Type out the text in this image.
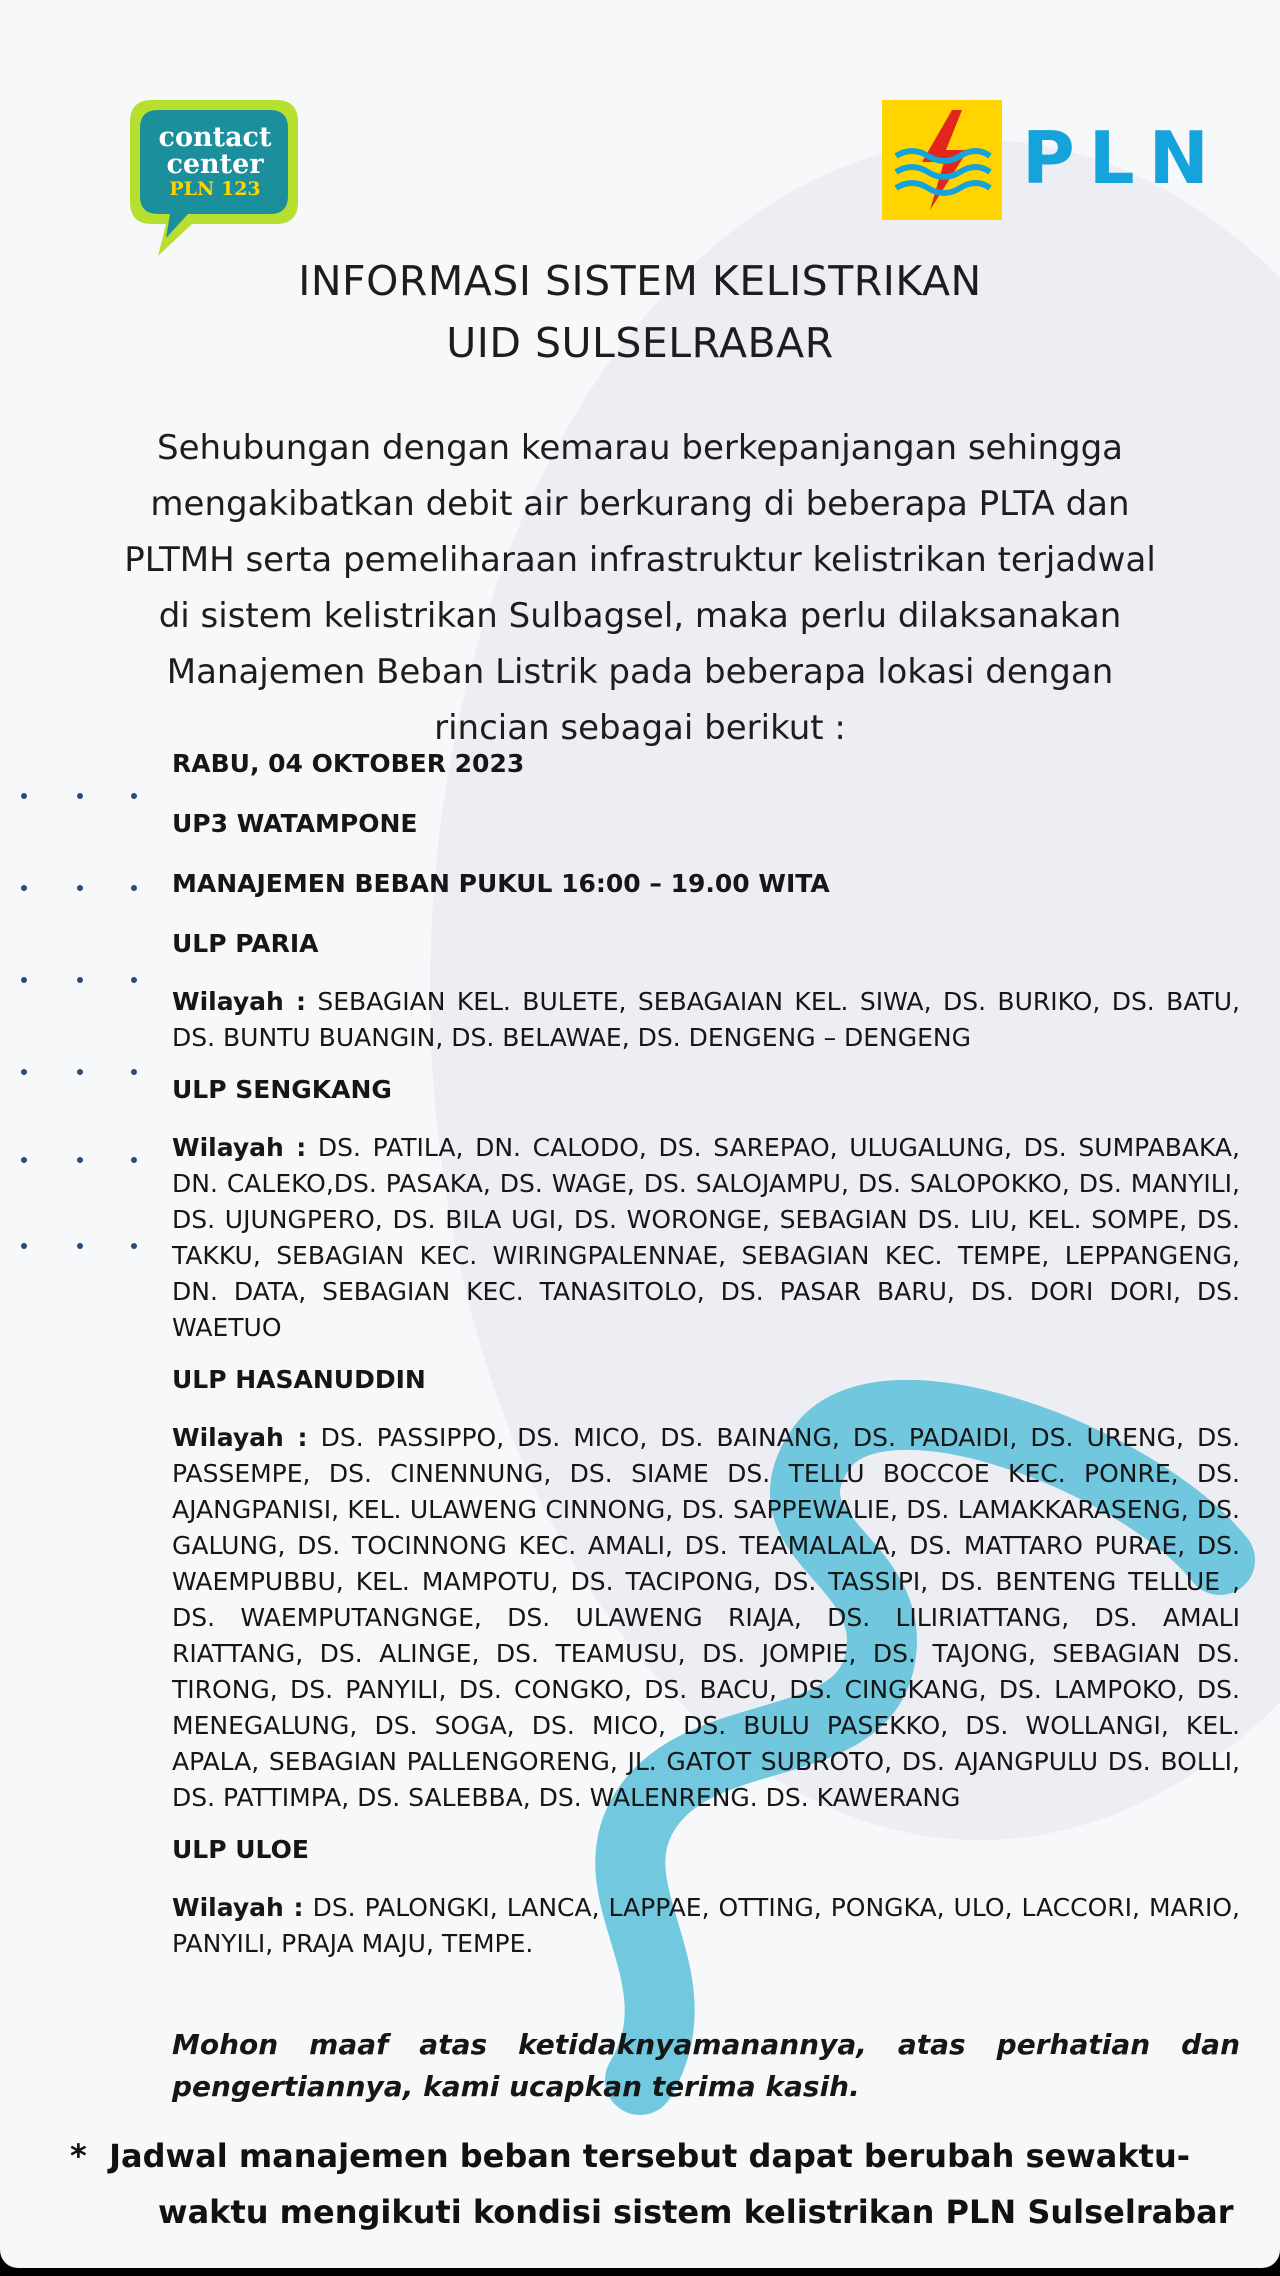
contact
center
PLN 123	PLN
INFORMASI SISTEM KELISTRIKAN
UID SULSELRABAR
Sehubungan dengan kemarau berkepanjangan sehingga
mengakibatkan debit air berkurang di beberapa PLTA dan
PLTMH serta pemeliharaan infrastruktur kelistrikan terjadwal
di sistem kelistrikan Sulbagsel, maka perlu dilaksanakan
Manajemen Beban Listrik pada beberapa lokasi dengan
rincian sebagai berikut :
RABU, 04 OKTOBER 2023
UP3 WATAMPONE
MANAJEMEN BEBAN PUKUL 16:00 – 19.00 WITA
ULP PARIA
Wilayah : SEBAGIAN KEL. BULETE, SEBAGAIAN KEL. SIWA, DS. BURIKO, DS. BATU, DS. BUNTU BUANGIN, DS. BELAWAE, DS. DENGENG – DENGENG
ULP SENGKANG
Wilayah : DS. PATILA, DN. CALODO, DS. SAREPAO, ULUGALUNG, DS. SUMPABAKA, DN. CALEKO,DS. PASAKA, DS. WAGE, DS. SALOJAMPU, DS. SALOPOKKO, DS. MANYILI, DS. UJUNGPERO, DS. BILA UGI, DS. WORONGE, SEBAGIAN DS. LIU, KEL. SOMPE, DS. TAKKU, SEBAGIAN KEC. WIRINGPALENNAE, SEBAGIAN KEC. TEMPE, LEPPANGENG, DN. DATA, SEBAGIAN KEC. TANASITOLO, DS. PASAR BARU, DS. DORI DORI, DS. WAETUO
ULP HASANUDDIN
Wilayah : DS. PASSIPPO, DS. MICO, DS. BAINANG, DS. PADAIDI, DS. URENG, DS. PASSEMPE, DS. CINENNUNG, DS. SIAME DS. TELLU BOCCOE KEC. PONRE, DS. AJANGPANISI, KEL. ULAWENG CINNONG, DS. SAPPEWALIE, DS. LAMAKKARASENG, DS. GALUNG, DS. TOCINNONG KEC. AMALI, DS. TEAMALALA, DS. MATTARO PURAE, DS. WAEMPUBBU, KEL. MAMPOTU, DS. TACIPONG, DS. TASSIPI, DS. BENTENG TELLUE , DS. WAEMPUTANGNGE, DS. ULAWENG RIAJA, DS. LILIRIATTANG, DS. AMALI RIATTANG, DS. ALINGE, DS. TEAMUSU, DS. JOMPIE, DS. TAJONG, SEBAGIAN DS. TIRONG, DS. PANYILI, DS. CONGKO, DS. BACU, DS. CINGKANG, DS. LAMPOKO, DS. MENEGALUNG, DS. SOGA, DS. MICO, DS. BULU PASEKKO, DS. WOLLANGI, KEL. APALA, SEBAGIAN PALLENGORENG, JL. GATOT SUBROTO, DS. AJANGPULU DS. BOLLI, DS. PATTIMPA, DS. SALEBBA, DS. WALENRENG. DS. KAWERANG
ULP ULOE
Wilayah : DS. PALONGKI, LANCA, LAPPAE, OTTING, PONGKA, ULO, LACCORI, MARIO, PANYILI, PRAJA MAJU, TEMPE.
Mohon maaf atas ketidaknyamanannya, atas perhatian dan pengertiannya, kami ucapkan terima kasih.
* Jadwal manajemen beban tersebut dapat berubah sewaktu-
waktu mengikuti kondisi sistem kelistrikan PLN Sulselrabar
